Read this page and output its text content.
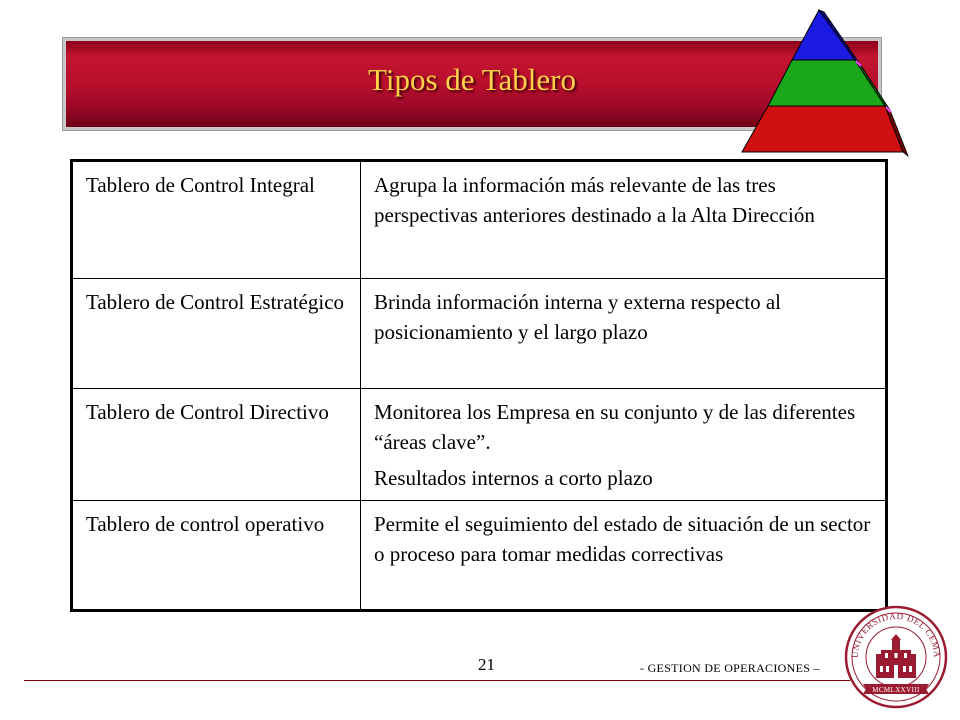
Tipos de Tablero
Tablero de Control Integral	Agrupa la información más relevante de las tres perspectivas anteriores destinado a la Alta Dirección

Tablero de Control Estratégico	Brinda información interna y externa respecto al posicionamiento y el largo plazo

Tablero de Control Directivo	Monitorea los Empresa en su conjunto y de las diferentes “áreas clave”.
Resultados internos a corto plazo

Tablero de control operativo	Permite el seguimiento del estado de situación de un sector o proceso para tomar medidas correctivas
21	- GESTION DE OPERACIONES –
UNIVERSIDAD DEL CEMA
MCMLXXVIII
